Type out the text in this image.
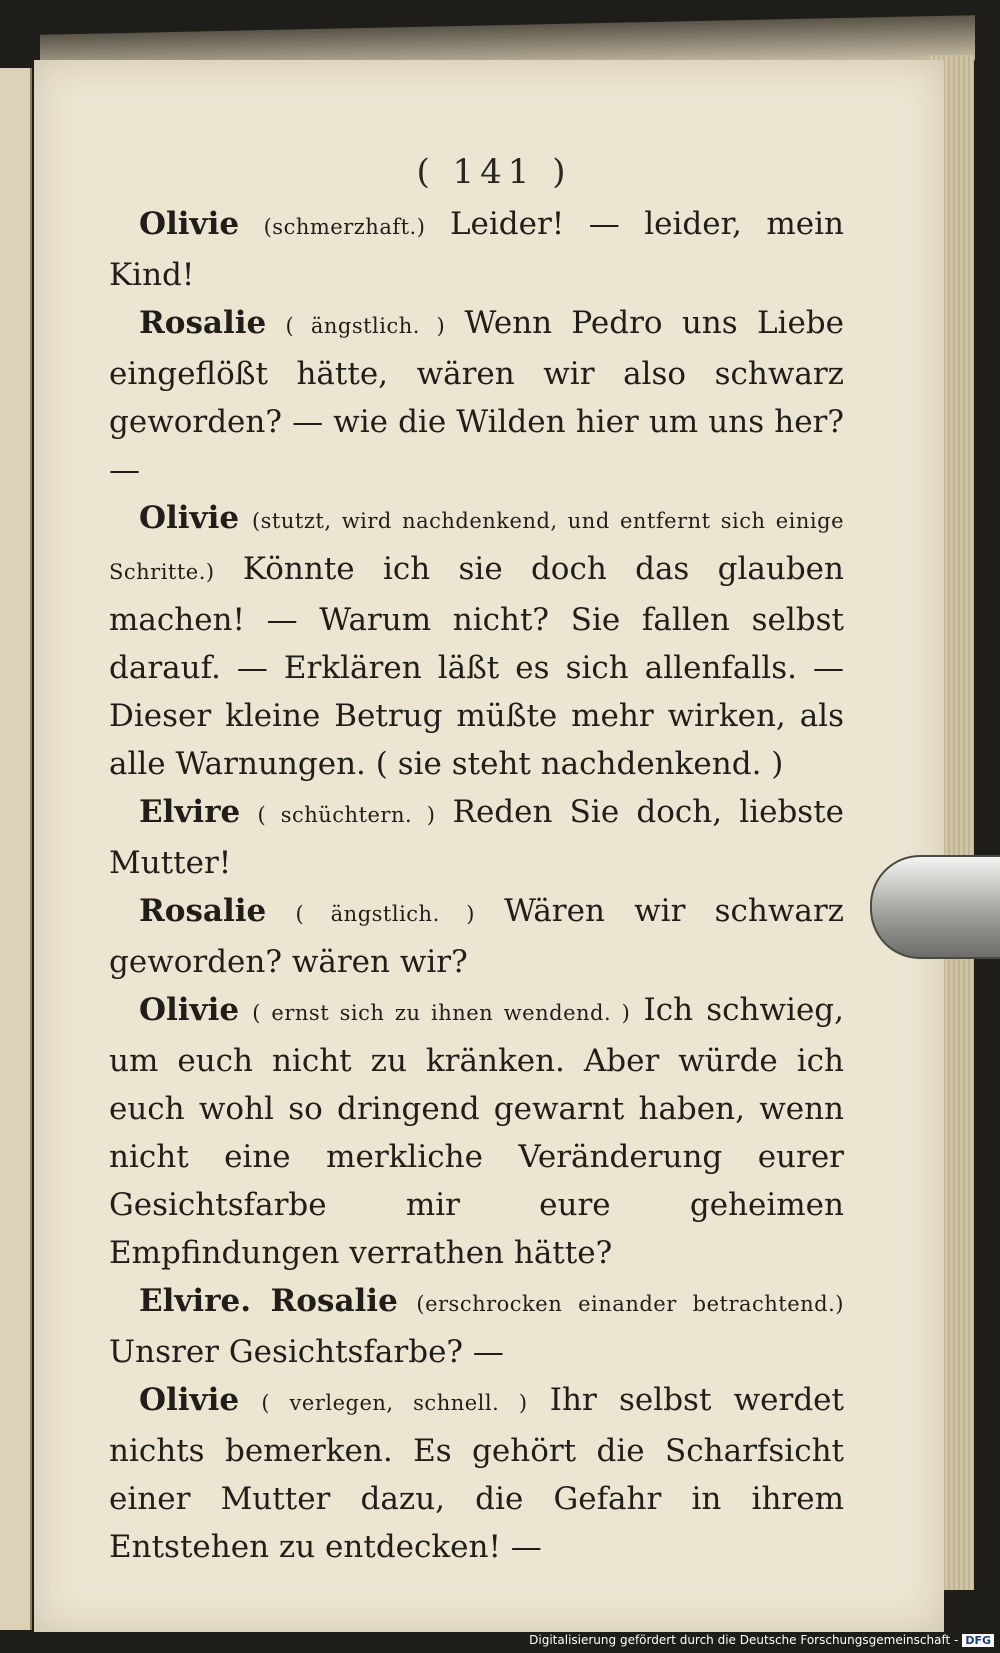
( 141 )

Olivie (schmerzhaft.) Leider! — leider, mein Kind!

Rosalie ( ängstlich. ) Wenn Pedro uns Liebe eingeflößt hätte, wären wir also schwarz geworden? — wie die Wilden hier um uns her? —

Olivie (stutzt, wird nachdenkend, und entfernt sich einige Schritte.) Könnte ich sie doch das glauben machen! — Warum nicht? Sie fallen selbst darauf. — Erklären läßt es sich allenfalls. — Dieser kleine Betrug müßte mehr wirken, als alle Warnungen. ( sie steht nachdenkend. )

Elvire ( schüchtern. ) Reden Sie doch, liebste Mutter!

Rosalie ( ängstlich. ) Wären wir schwarz geworden? wären wir?

Olivie ( ernst sich zu ihnen wendend. ) Ich schwieg, um euch nicht zu kränken. Aber würde ich euch wohl so dringend gewarnt haben, wenn nicht eine merkliche Veränderung eurer Gesichtsfarbe mir eure geheimen Empfindungen verrathen hätte?

Elvire. Rosalie (erschrocken einander betrachtend.) Unsrer Gesichtsfarbe? —

Olivie ( verlegen, schnell. ) Ihr selbst werdet nichts bemerken. Es gehört die Scharfsicht einer Mutter dazu, die Gefahr in ihrem Entstehen zu entdecken! —

Digitalisierung gefördert durch die Deutsche Forschungsgemeinschaft - DFG
